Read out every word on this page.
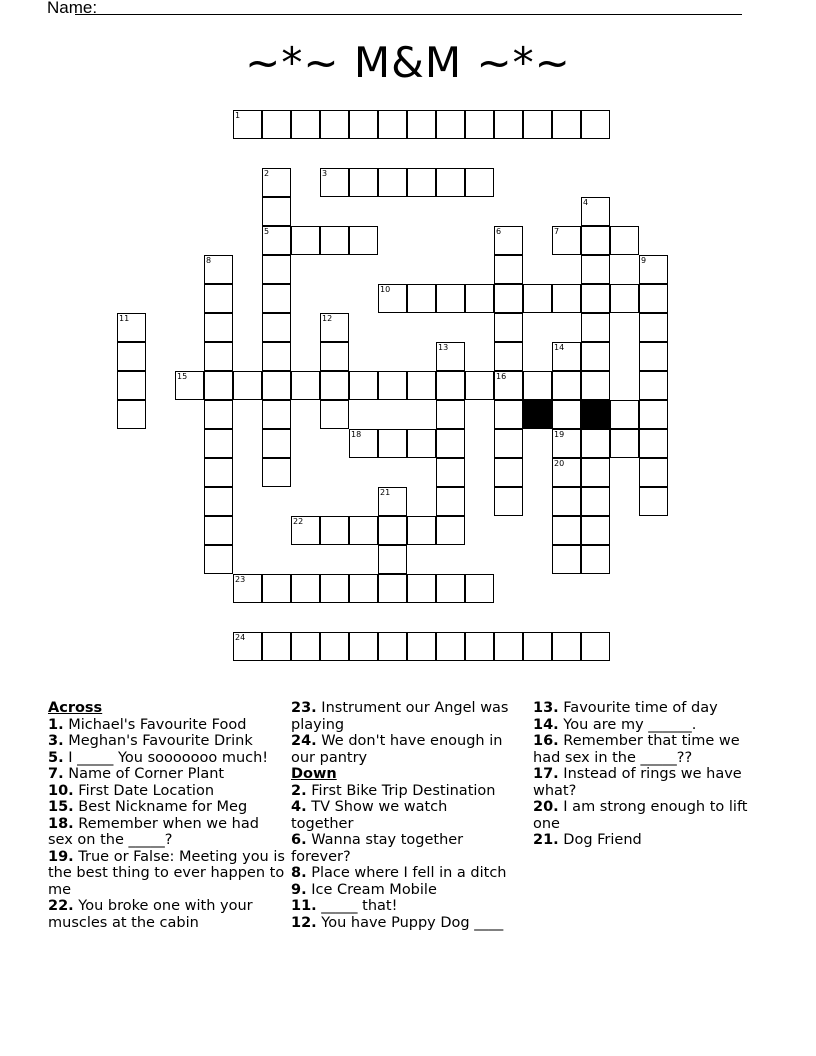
Name:
~*~ M&M ~*~
1
2	3
4
5	6	7
8	9
10
11	12
13	14
15	16
17
18	19
20
21
22
23
24
Across
1. Michael's Favourite Food
3. Meghan's Favourite Drink
5. I _____ You sooooooo much!
7. Name of Corner Plant
10. First Date Location
15. Best Nickname for Meg
18. Remember when we had sex on the _____?
19. True or False: Meeting you is the best thing to ever happen to me
22. You broke one with your muscles at the cabin
23. Instrument our Angel was playing
24. We don't have enough in our pantry
Down
2. First Bike Trip Destination
4. TV Show we watch together
6. Wanna stay together forever?
8. Place where I fell in a ditch
9. Ice Cream Mobile
11. _____ that!
12. You have Puppy Dog ____
13. Favourite time of day
14. You are my ______.
16. Remember that time we had sex in the _____??
17. Instead of rings we have what?
20. I am strong enough to lift one
21. Dog Friend
